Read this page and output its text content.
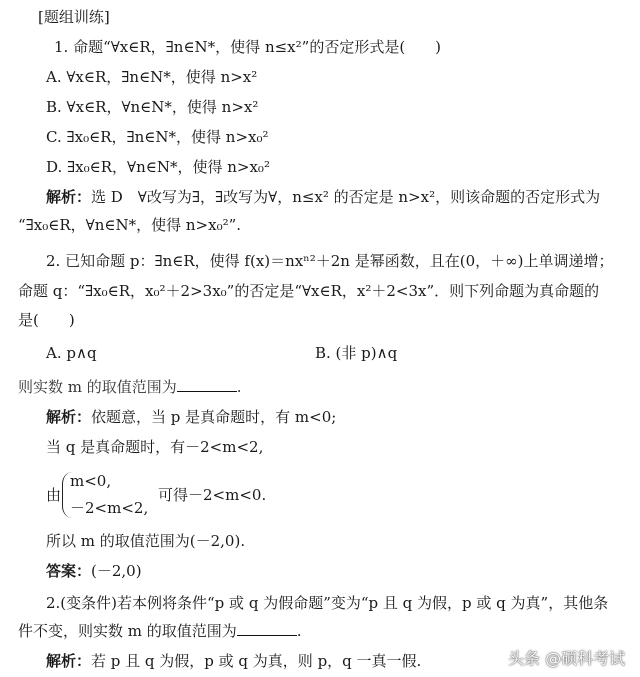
[题组训练]
1. 命题“∀x∈R，∃n∈N*，使得 n≤x²”的否定形式是(　　)
A. ∀x∈R，∃n∈N*，使得 n>x²
B. ∀x∈R，∀n∈N*，使得 n>x²
C. ∃x₀∈R，∃n∈N*，使得 n>x₀²
D. ∃x₀∈R，∀n∈N*，使得 n>x₀²
解析：选 D　∀改写为∃，∃改写为∀，n≤x² 的否定是 n>x²，则该命题的否定形式为
“∃x₀∈R，∀n∈N*，使得 n>x₀²”.
2. 已知命题 p：∃n∈R，使得 f(x)＝nxⁿ²＋2n 是幂函数，且在(0，＋∞)上单调递增；
命题 q：“∃x₀∈R，x₀²＋2>3x₀”的否定是“∀x∈R，x²＋2<3x”．则下列命题为真命题的
是(　　)
A. p∧q	B. (非 p)∧q
则实数 m 的取值范围为	.
解析：依题意，当 p 是真命题时，有 m<0;
当 q 是真命题时，有－2<m<2,
由
m<0,
－2<m<2,
可得－2<m<0.
所以 m 的取值范围为(－2,0).
答案：(－2,0)
2.(变条件)若本例将条件“p 或 q 为假命题”变为“p 且 q 为假，p 或 q 为真”，其他条
件不变，则实数 m 的取值范围为	.
解析：若 p 且 q 为假，p 或 q 为真，则 p，q 一真一假.	头条 @硕科考试
